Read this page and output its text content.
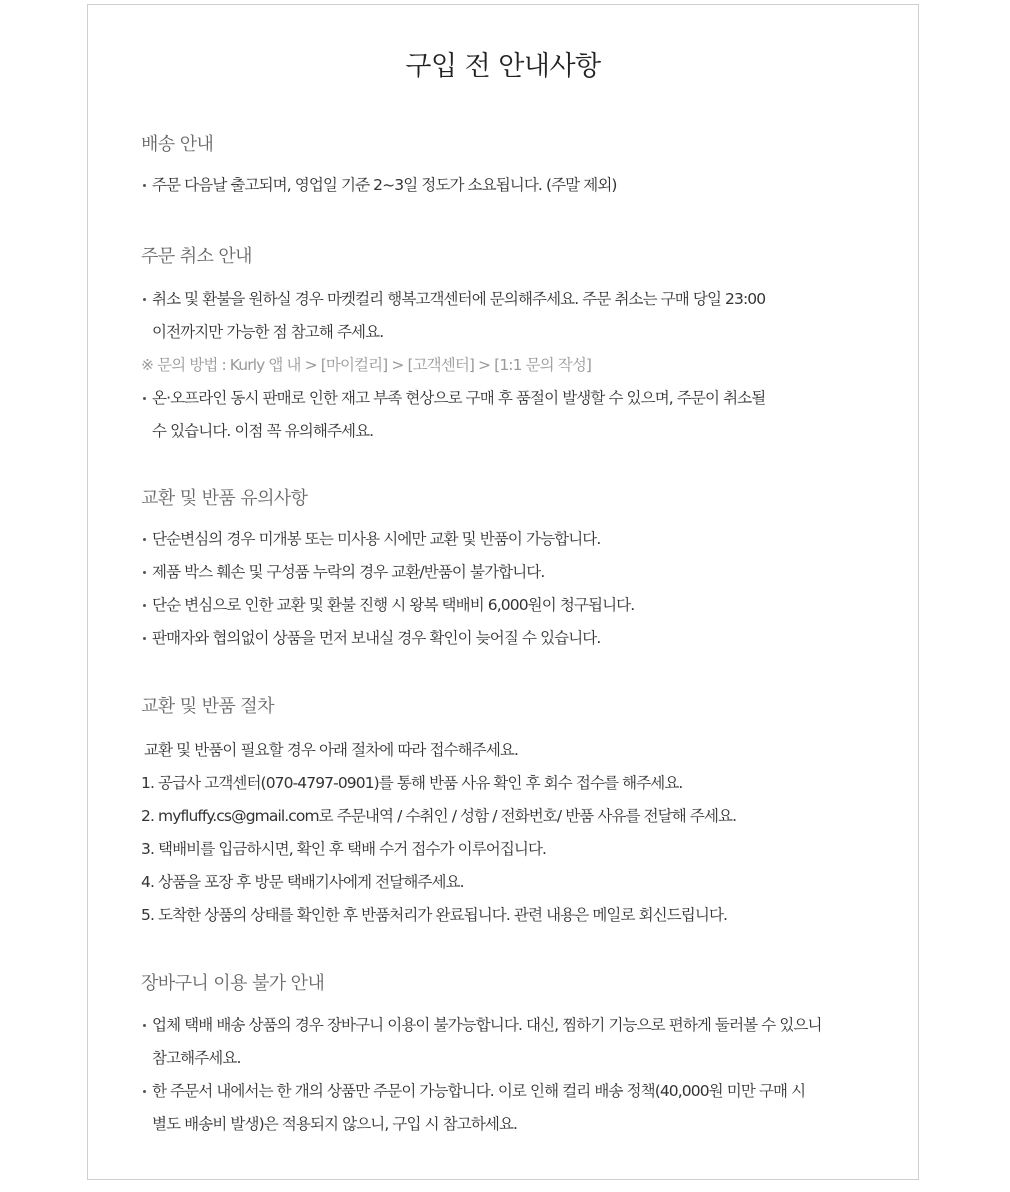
구입 전 안내사항
배송 안내
주문 다음날 출고되며, 영업일 기준 2~3일 정도가 소요됩니다. (주말 제외)
주문 취소 안내
취소 및 환불을 원하실 경우 마켓컬리 행복고객센터에 문의해주세요. 주문 취소는 구매 당일 23:00
이전까지만 가능한 점 참고해 주세요.
※ 문의 방법 : Kurly 앱 내 > [마이컬리] > [고객센터] > [1:1 문의 작성]
온·오프라인 동시 판매로 인한 재고 부족 현상으로 구매 후 품절이 발생할 수 있으며, 주문이 취소될
수 있습니다. 이점 꼭 유의해주세요.
교환 및 반품 유의사항
단순변심의 경우 미개봉 또는 미사용 시에만 교환 및 반품이 가능합니다.
제품 박스 훼손 및 구성품 누락의 경우 교환/반품이 불가합니다.
단순 변심으로 인한 교환 및 환불 진행 시 왕복 택배비 6,000원이 청구됩니다.
판매자와 협의없이 상품을 먼저 보내실 경우 확인이 늦어질 수 있습니다.
교환 및 반품 절차
교환 및 반품이 필요할 경우 아래 절차에 따라 접수해주세요.
1. 공급사 고객센터(070-4797-0901)를 통해 반품 사유 확인 후 회수 접수를 해주세요.
2. myfluffy.cs@gmail.com로 주문내역 / 수취인 / 성함 / 전화번호/ 반품 사유를 전달해 주세요.
3. 택배비를 입금하시면, 확인 후 택배 수거 접수가 이루어집니다.
4. 상품을 포장 후 방문 택배기사에게 전달해주세요.
5. 도착한 상품의 상태를 확인한 후 반품처리가 완료됩니다. 관련 내용은 메일로 회신드립니다.
장바구니 이용 불가 안내
업체 택배 배송 상품의 경우 장바구니 이용이 불가능합니다. 대신, 찜하기 기능으로 편하게 둘러볼 수 있으니
참고해주세요.
한 주문서 내에서는 한 개의 상품만 주문이 가능합니다. 이로 인해 컬리 배송 정책(40,000원 미만 구매 시
별도 배송비 발생)은 적용되지 않으니, 구입 시 참고하세요.
